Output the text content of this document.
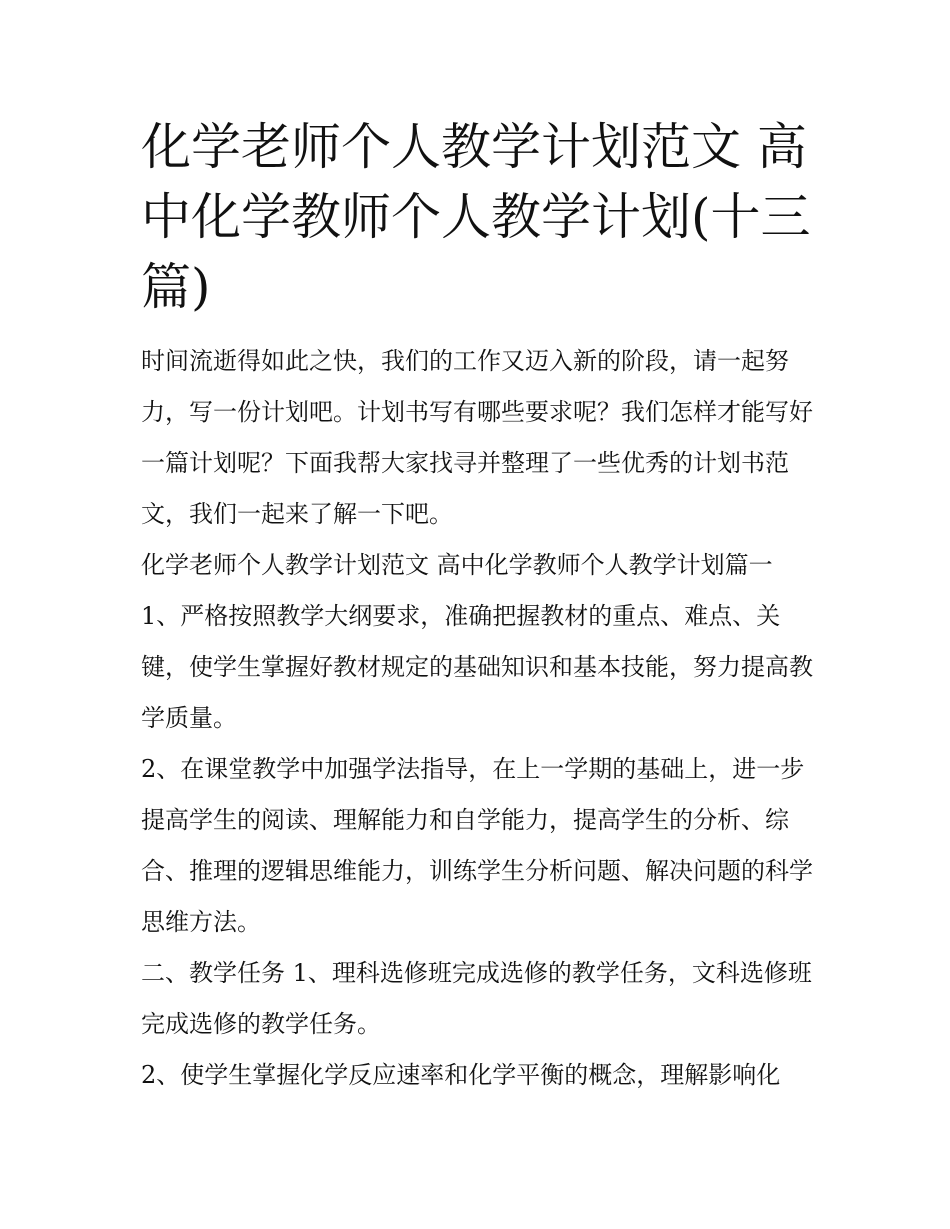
化学老师个人教学计划范文 高中化学教师个人教学计划(十三篇)

时间流逝得如此之快，我们的工作又迈入新的阶段，请一起努力，写一份计划吧。计划书写有哪些要求呢？我们怎样才能写好一篇计划呢？下面我帮大家找寻并整理了一些优秀的计划书范文，我们一起来了解一下吧。

化学老师个人教学计划范文 高中化学教师个人教学计划篇一

1、严格按照教学大纲要求，准确把握教材的重点、难点、关键，使学生掌握好教材规定的基础知识和基本技能，努力提高教学质量。

2、在课堂教学中加强学法指导，在上一学期的基础上，进一步提高学生的阅读、理解能力和自学能力，提高学生的分析、综合、推理的逻辑思维能力，训练学生分析问题、解决问题的科学思维方法。

二、教学任务 1、理科选修班完成选修的教学任务，文科选修班完成选修的教学任务。

2、使学生掌握化学反应速率和化学平衡的概念，理解影响化
